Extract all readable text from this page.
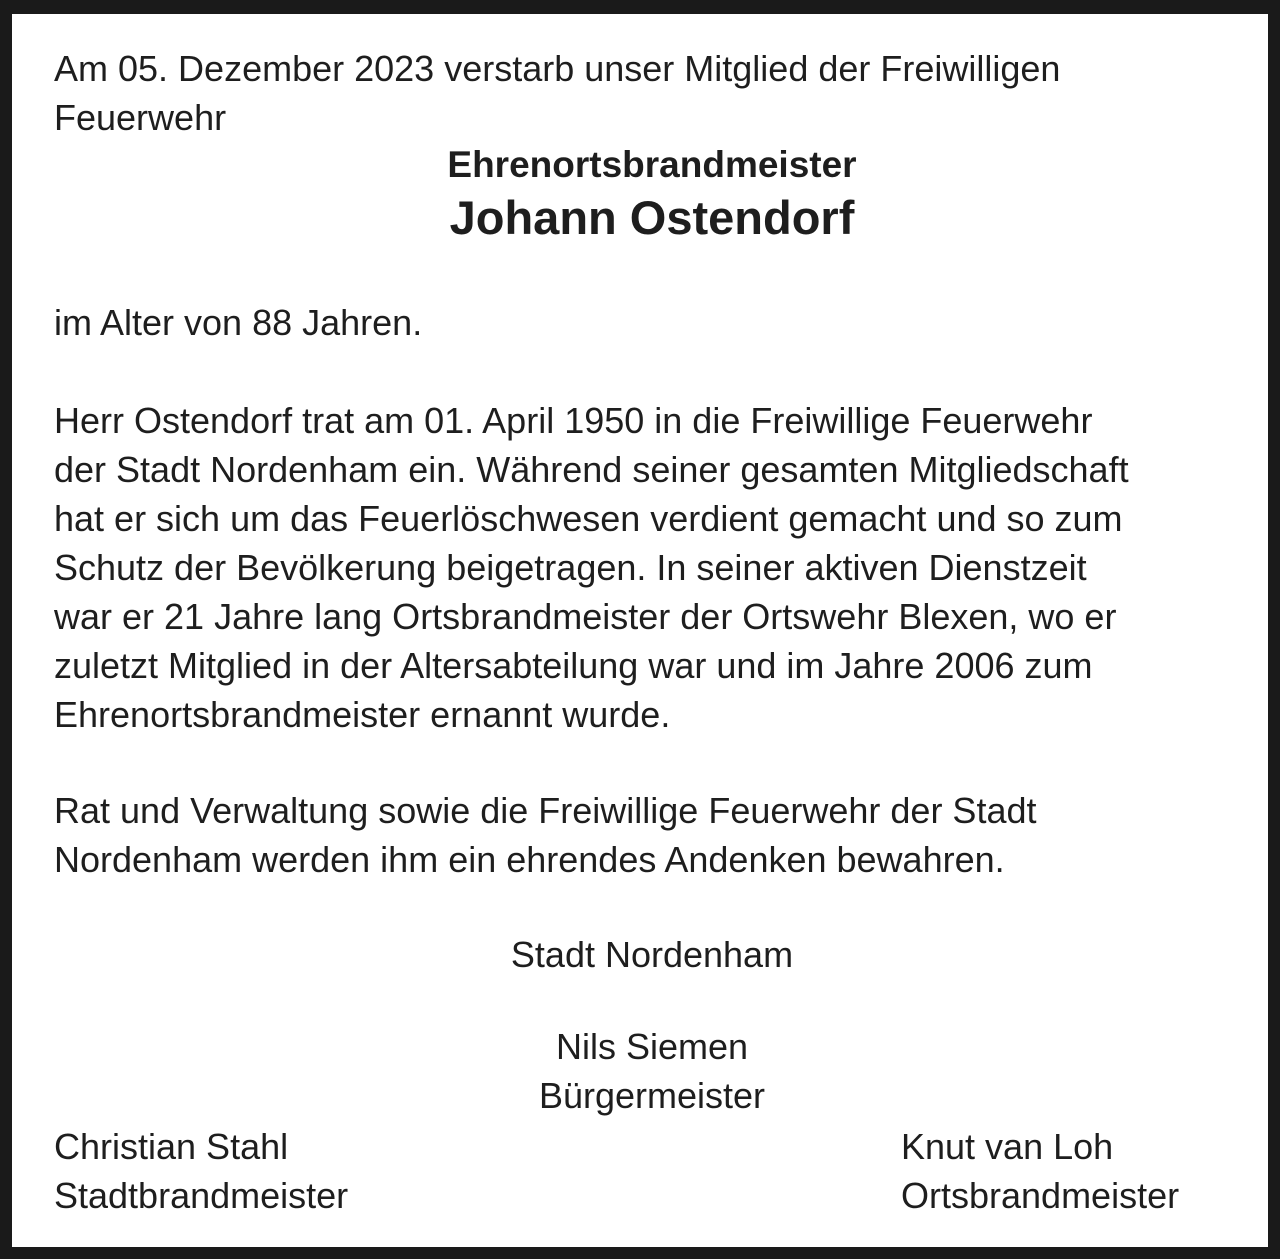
Am 05. Dezember 2023 verstarb unser Mitglied der Freiwilligen
Feuerwehr

Ehrenortsbrandmeister
Johann Ostendorf

im Alter von 88 Jahren.

Herr Ostendorf trat am 01. April 1950 in die Freiwillige Feuerwehr
der Stadt Nordenham ein. Während seiner gesamten Mitgliedschaft
hat er sich um das Feuerlöschwesen verdient gemacht und so zum
Schutz der Bevölkerung beigetragen. In seiner aktiven Dienstzeit
war er 21 Jahre lang Ortsbrandmeister der Ortswehr Blexen, wo er
zuletzt Mitglied in der Altersabteilung war und im Jahre 2006 zum
Ehrenortsbrandmeister ernannt wurde.

Rat und Verwaltung sowie die Freiwillige Feuerwehr der Stadt
Nordenham werden ihm ein ehrendes Andenken bewahren.

Stadt Nordenham

Nils Siemen

Bürgermeister

Christian Stahl
Stadtbrandmeister

Knut van Loh
Ortsbrandmeister
